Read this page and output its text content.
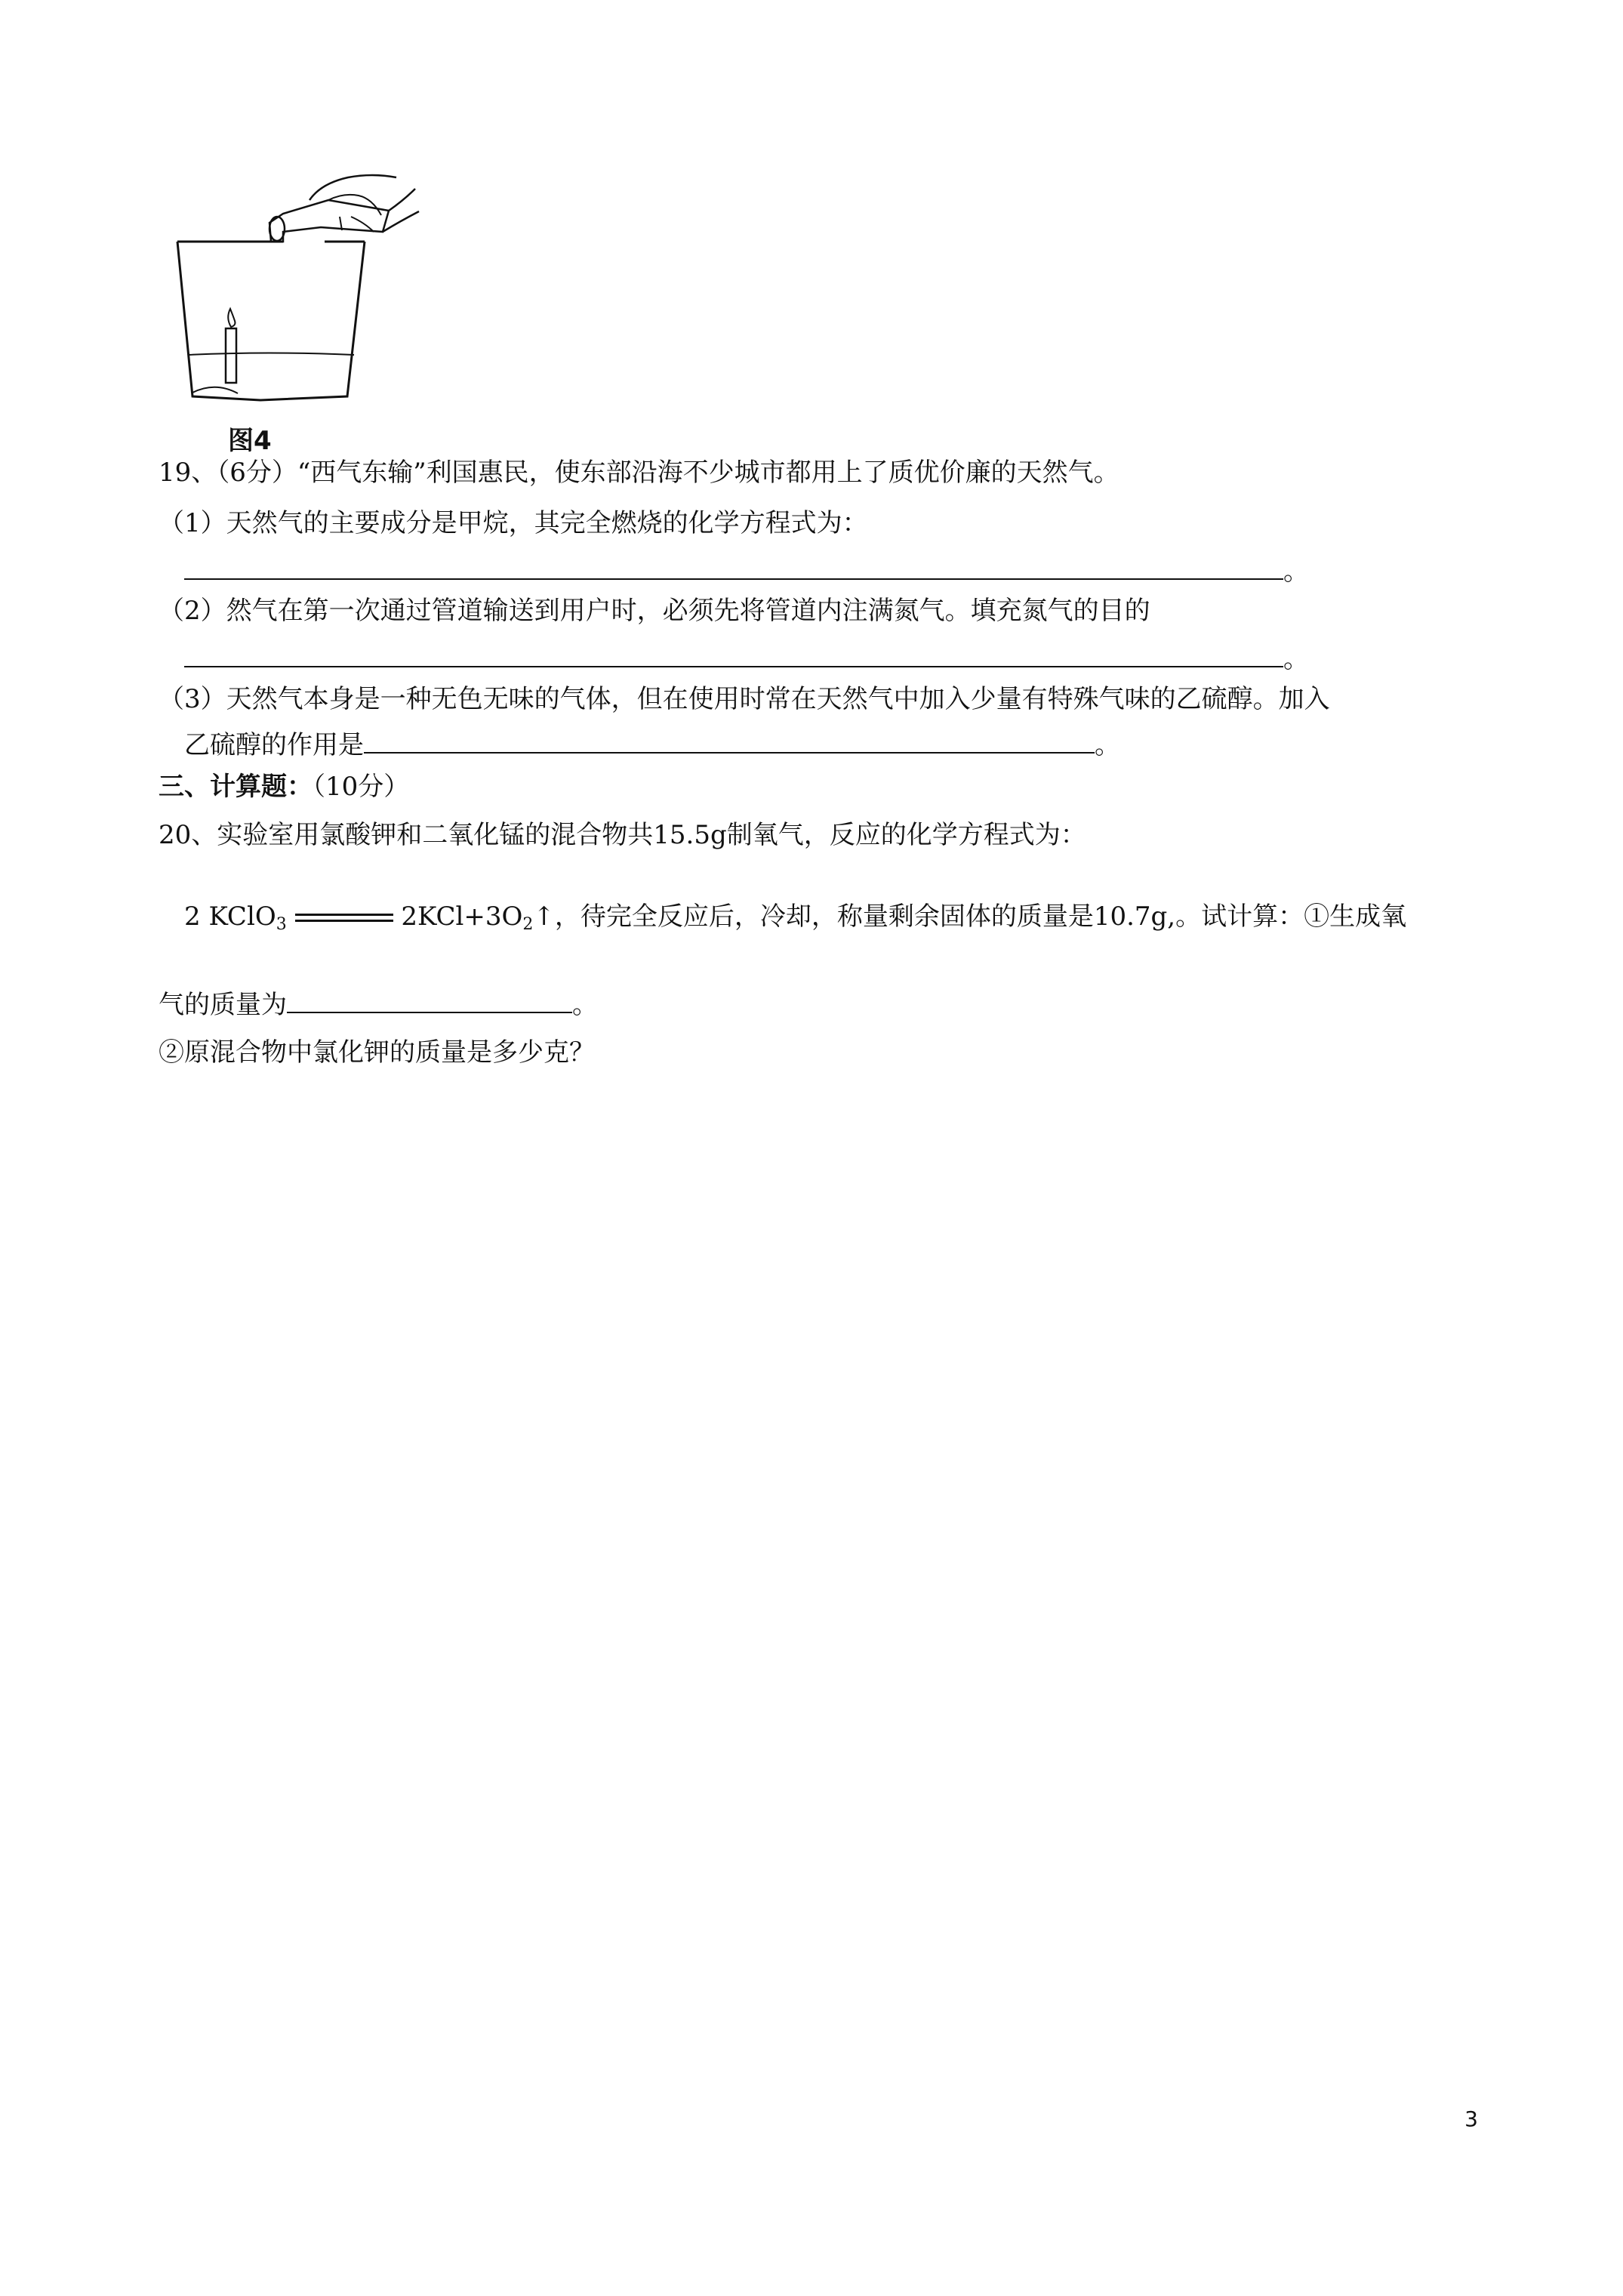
图4
19、（6分）“西气东输”利国惠民，使东部沿海不少城市都用上了质优价廉的天然气。
（1）天然气的主要成分是甲烷，其完全燃烧的化学方程式为：
。
（2）然气在第一次通过管道输送到用户时，必须先将管道内注满氮气。填充氮气的目的
。
（3）天然气本身是一种无色无味的气体，但在使用时常在天然气中加入少量有特殊气味的乙硫醇。加入
乙硫醇的作用是	。
三、计算题：（10分）
20、实验室用氯酸钾和二氧化锰的混合物共15.5g制氧气，反应的化学方程式为：
2 KClO$_3$	$2KCl+3O_2↑$，待完全反应后，冷却，称量剩余固体的质量是10.7g,。试计算：①生成氧
气的质量为	。
②原混合物中氯化钾的质量是多少克？
3
